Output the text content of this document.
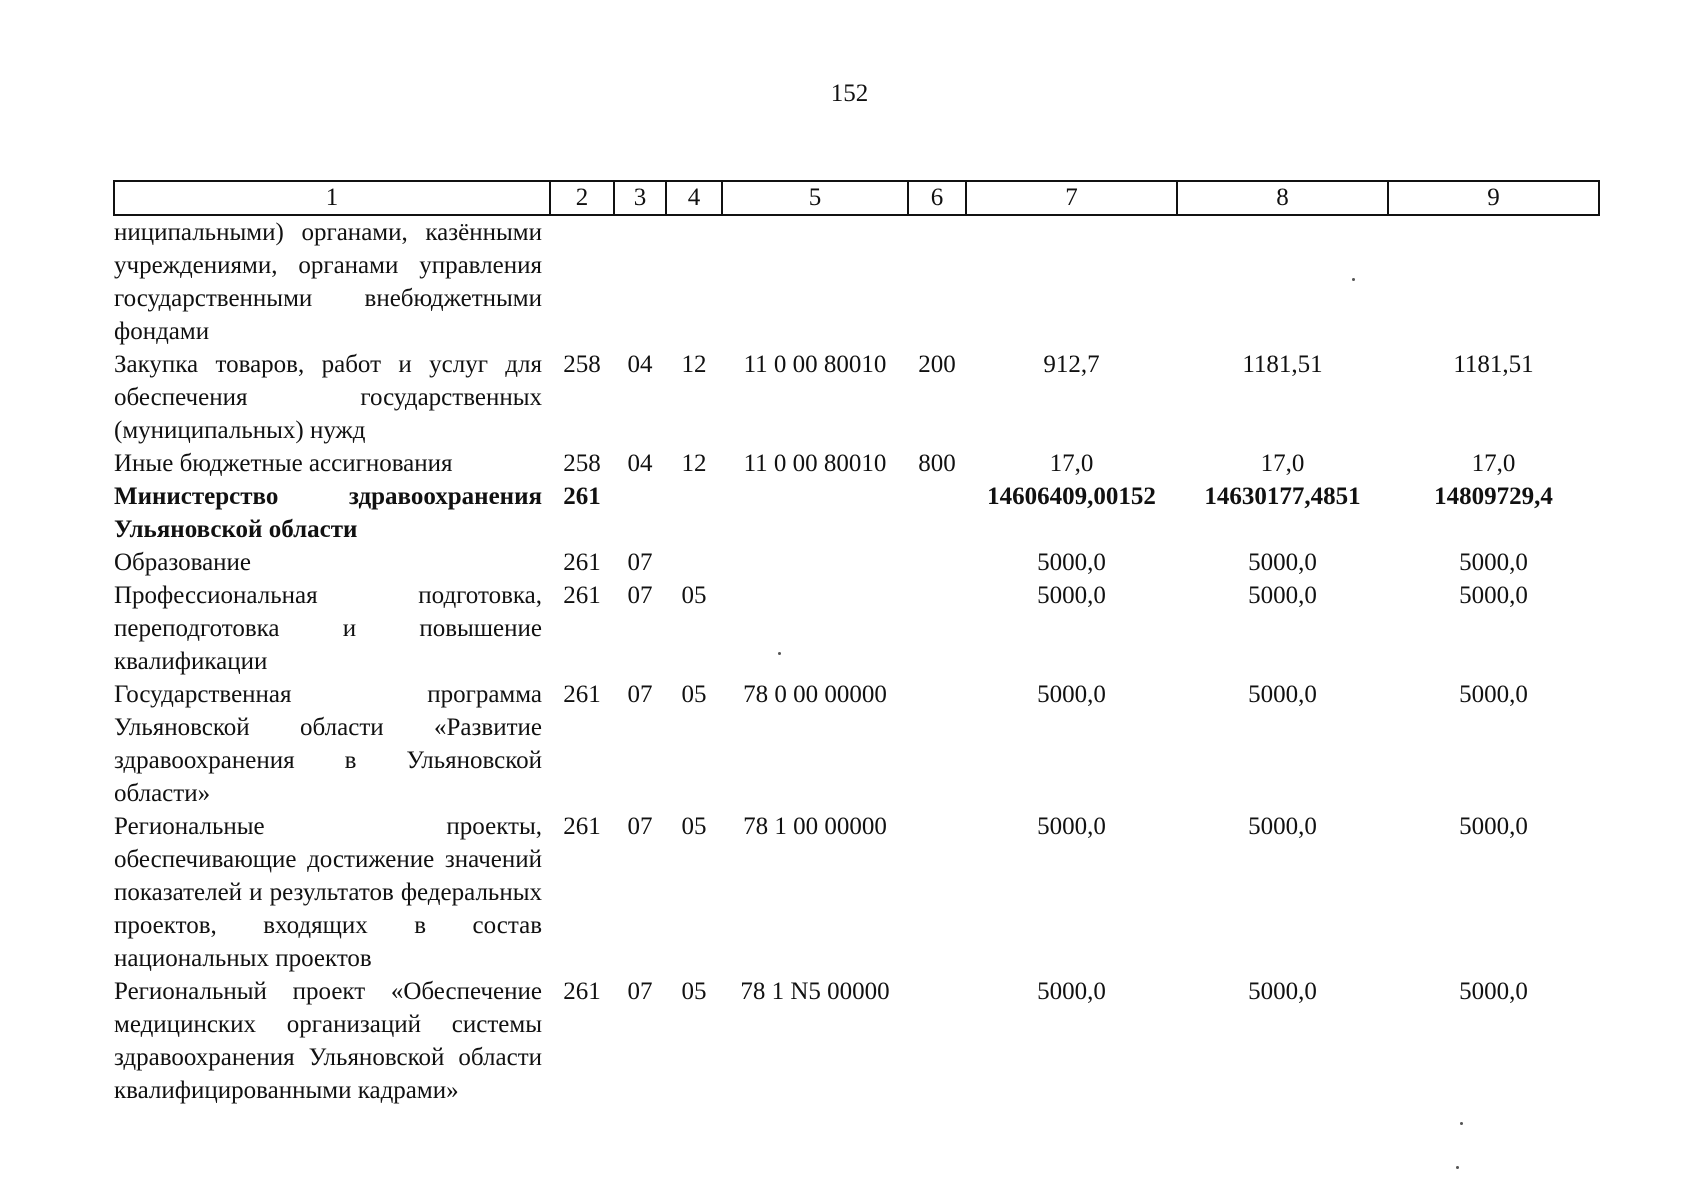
152
1	2	3	4	5	6	7	8	9
ниципальными) органами, казёнными учреждениями, органами управления государственными внебюджетными фондами								
Закупка товаров, работ и услуг для обеспечения государственных (муниципальных) нужд	258	04	12	11 0 00 80010	200	912,7	1181,51	1181,51
Иные бюджетные ассигнования	258	04	12	11 0 00 80010	800	17,0	17,0	17,0
Министерство здравоохранения Ульяновской области	261					14606409,00152	14630177,4851	14809729,4
Образование	261	07				5000,0	5000,0	5000,0
Профессиональная подготовка, переподготовка и повышение квалификации	261	07	05			5000,0	5000,0	5000,0
Государственная программа Ульяновской области «Развитие здравоохранения в Ульяновской области»	261	07	05	78 0 00 00000		5000,0	5000,0	5000,0
Региональные проекты, обеспечивающие достижение значений показателей и результатов федеральных проектов, входящих в состав национальных проектов	261	07	05	78 1 00 00000		5000,0	5000,0	5000,0
Региональный проект «Обеспечение медицинских организаций системы здравоохранения Ульяновской области квалифицированными кадрами»	261	07	05	78 1 N5 00000		5000,0	5000,0	5000,0
